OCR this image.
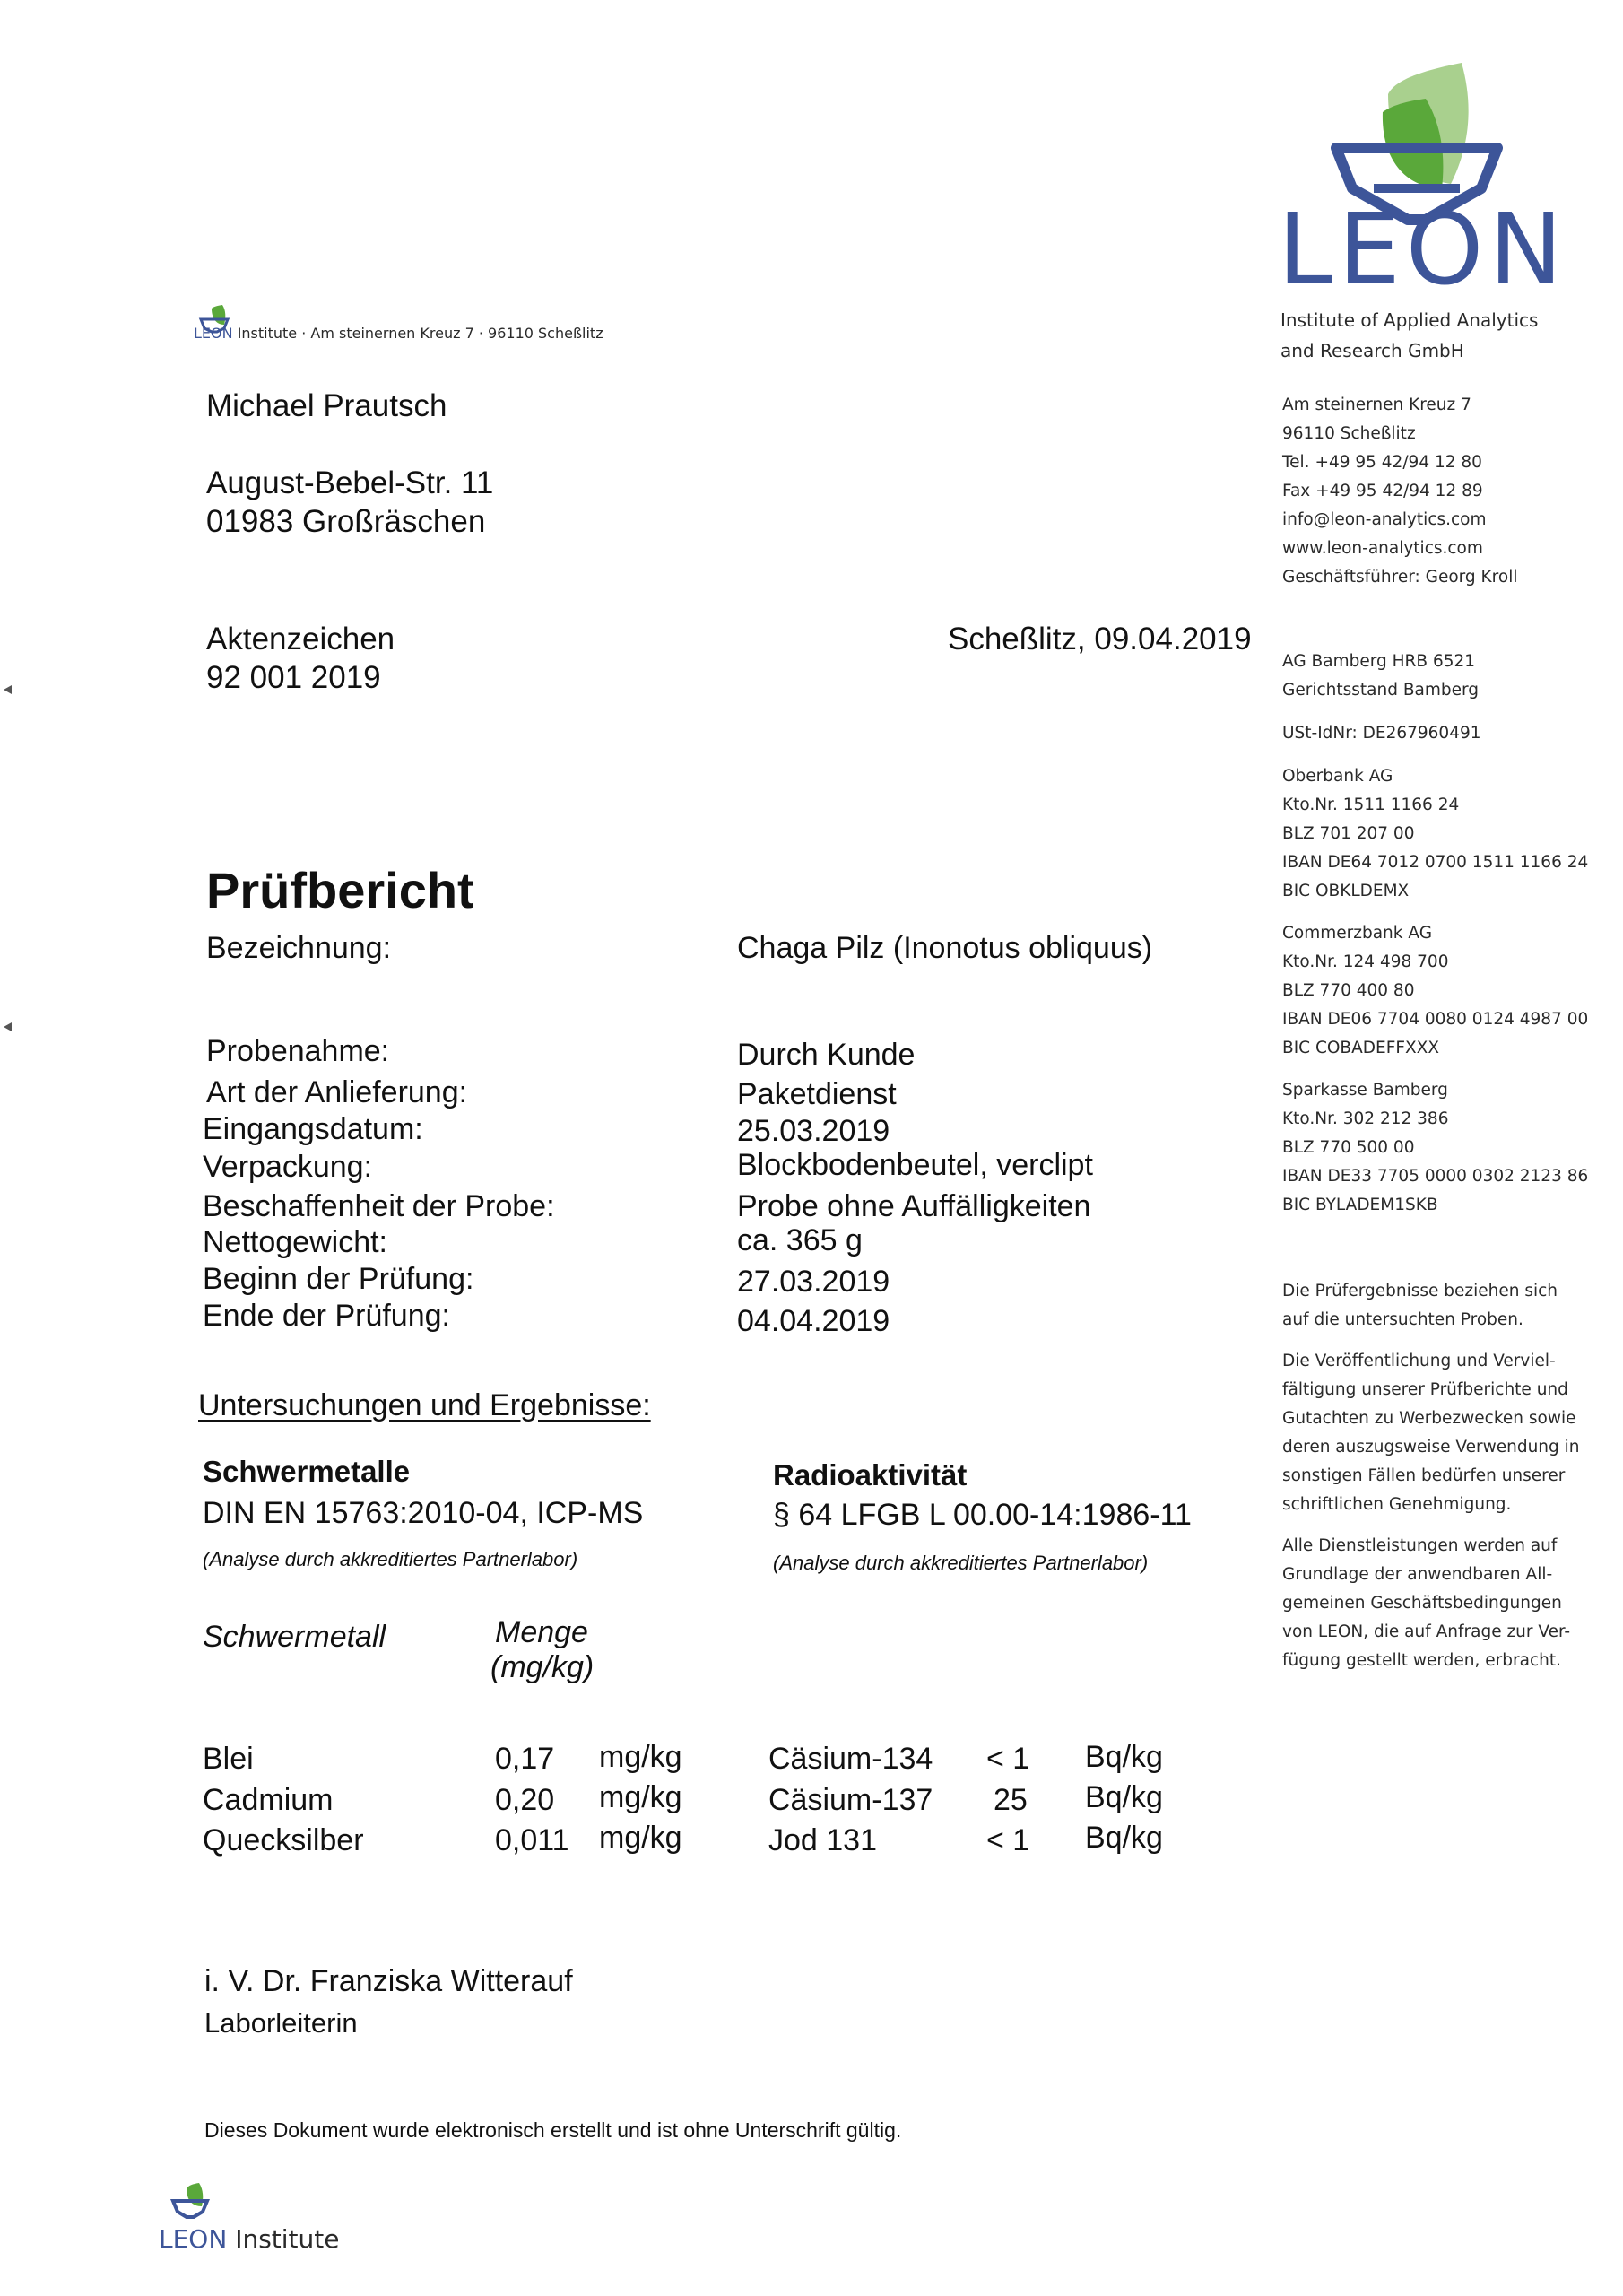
LEON
Institute of Applied Analytics
and Research GmbH
LEON Institute · Am steinernen Kreuz 7 · 96110 Scheßlitz
Am steinernen Kreuz 7
96110 Scheßlitz
Tel. +49 95 42/94 12 80
Fax +49 95 42/94 12 89
info@leon-analytics.com
www.leon-analytics.com
Geschäftsführer: Georg Kroll
AG Bamberg HRB 6521
Gerichtsstand Bamberg
USt-IdNr: DE267960491
Oberbank AG
Kto.Nr. 1511 1166 24
BLZ 701 207 00
IBAN DE64 7012 0700 1511 1166 24
BIC OBKLDEMX
Commerzbank AG
Kto.Nr. 124 498 700
BLZ 770 400 80
IBAN DE06 7704 0080 0124 4987 00
BIC COBADEFFXXX
Sparkasse Bamberg
Kto.Nr. 302 212 386
BLZ 770 500 00
IBAN DE33 7705 0000 0302 2123 86
BIC BYLADEM1SKB
Die Prüfergebnisse beziehen sich
auf die untersuchten Proben.
Die Veröffentlichung und Verviel-
fältigung unserer Prüfberichte und
Gutachten zu Werbezwecken sowie
deren auszugsweise Verwendung in
sonstigen Fällen bedürfen unserer
schriftlichen Genehmigung.
Alle Dienstleistungen werden auf
Grundlage der anwendbaren All-
gemeinen Geschäftsbedingungen
von LEON, die auf Anfrage zur Ver-
fügung gestellt werden, erbracht.
Michael Prautsch
August-Bebel-Str. 11
01983 Großräschen
Aktenzeichen
92 001 2019
Scheßlitz, 09.04.2019
Prüfbericht
Bezeichnung:	Chaga Pilz (Inonotus obliquus)
Probenahme:	Durch Kunde
Art der Anlieferung:	Paketdienst
Eingangsdatum:	25.03.2019
Verpackung:	Blockbodenbeutel, verclipt
Beschaffenheit der Probe:	Probe ohne Auffälligkeiten
Nettogewicht:	ca. 365 g
Beginn der Prüfung:	27.03.2019
Ende der Prüfung:	04.04.2019
Untersuchungen und Ergebnisse:
Schwermetalle
DIN EN 15763:2010-04, ICP-MS
(Analyse durch akkreditiertes Partnerlabor)
Schwermetall	Menge
(mg/kg)
Blei	0,17 mg/kg
Cadmium	0,20 mg/kg
Quecksilber	0,011 mg/kg
Radioaktivität
§ 64 LFGB L 00.00-14:1986-11
(Analyse durch akkreditiertes Partnerlabor)
Cäsium-134 < 1 Bq/kg
Cäsium-137 25 Bq/kg
Jod 131	< 1 Bq/kg
i. V. Dr. Franziska Witterauf
Laborleiterin
Dieses Dokument wurde elektronisch erstellt und ist ohne Unterschrift gültig.
LEON Institute
